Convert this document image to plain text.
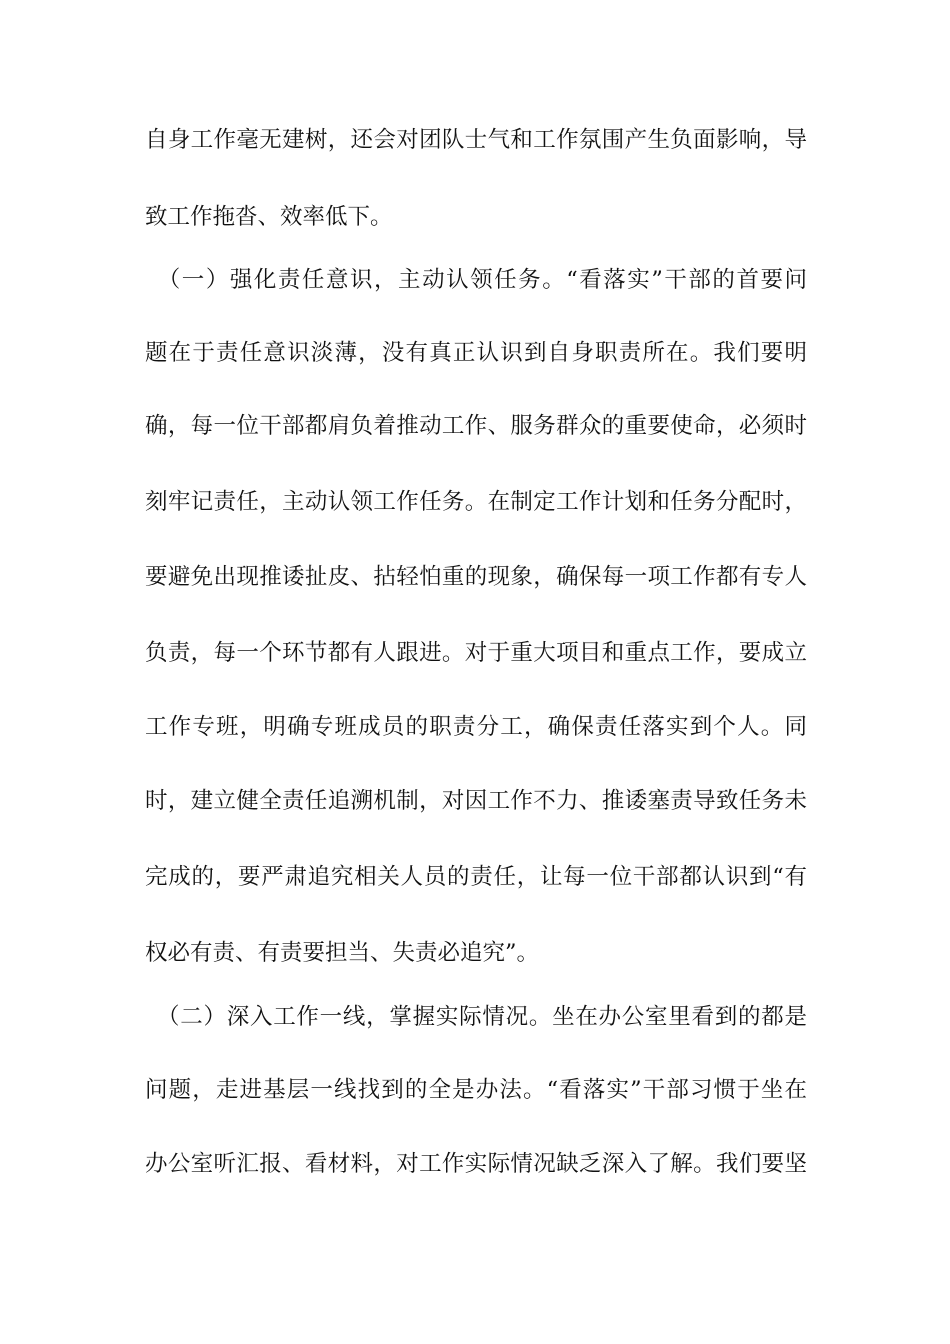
自身工作毫无建树，还会对团队士气和工作氛围产生负面影响，导
致工作拖沓、效率低下。
　（一）强化责任意识，主动认领任务。“看落实”干部的首要问
题在于责任意识淡薄，没有真正认识到自身职责所在。我们要明
确，每一位干部都肩负着推动工作、服务群众的重要使命，必须时
刻牢记责任，主动认领工作任务。在制定工作计划和任务分配时，
要避免出现推诿扯皮、拈轻怕重的现象，确保每一项工作都有专人
负责，每一个环节都有人跟进。对于重大项目和重点工作，要成立
工作专班，明确专班成员的职责分工，确保责任落实到个人。同
时，建立健全责任追溯机制，对因工作不力、推诿塞责导致任务未
完成的，要严肃追究相关人员的责任，让每一位干部都认识到“有
权必有责、有责要担当、失责必追究”。
　（二）深入工作一线，掌握实际情况。坐在办公室里看到的都是
问题，走进基层一线找到的全是办法。“看落实”干部习惯于坐在
办公室听汇报、看材料，对工作实际情况缺乏深入了解。我们要坚
